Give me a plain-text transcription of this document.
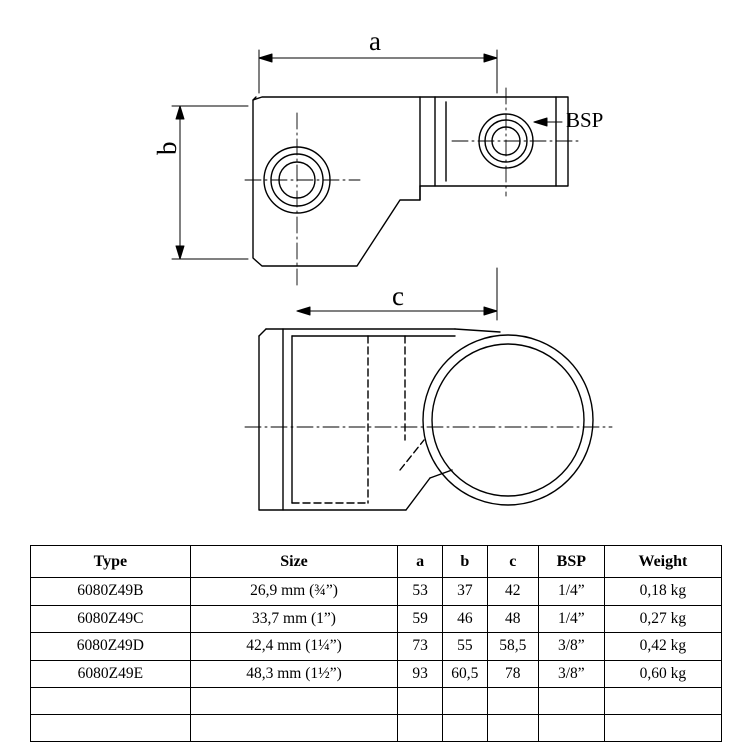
a
b
c
BSP
Type	Size	a	b	c	BSP	Weight
6080Z49B	26,9 mm (¾”)	53	37	42	1/4”	0,18 kg
6080Z49C	33,7 mm (1”)	59	46	48	1/4”	0,27 kg
6080Z49D	42,4 mm (1¼”)	73	55	58,5	3/8”	0,42 kg
6080Z49E	48,3 mm (1½”)	93	60,5	78	3/8”	0,60 kg
